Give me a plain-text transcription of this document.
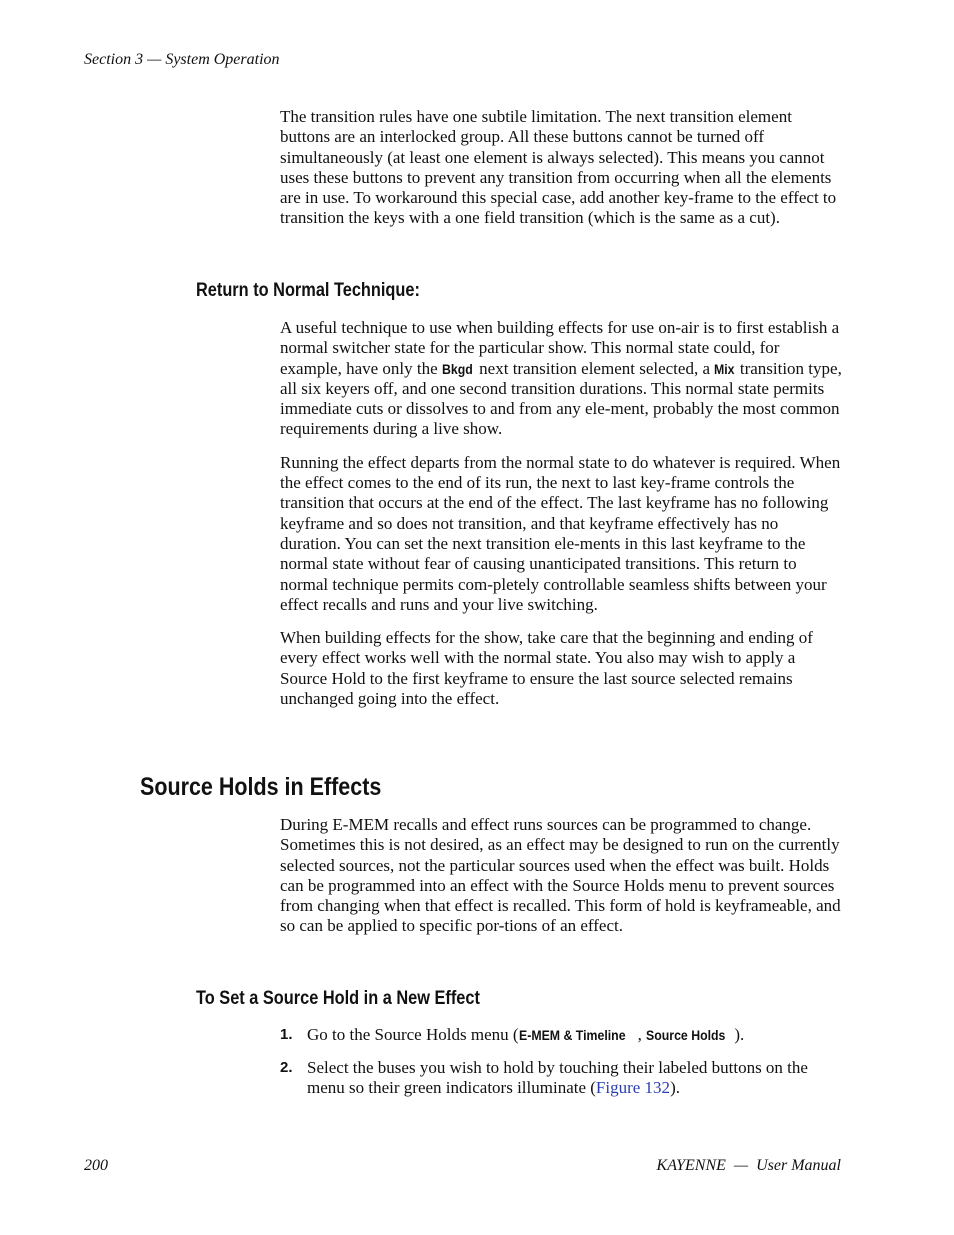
Section 3 — System Operation

The transition rules have one subtile limitation. The next transition element buttons are an interlocked group. All these buttons cannot be turned off simultaneously (at least one element is always selected). This means you cannot uses these buttons to prevent any transition from occurring when all the elements are in use. To workaround this special case, add another key-frame to the effect to transition the keys with a one field transition (which is the same as a cut).

Return to Normal Technique:

A useful technique to use when building effects for use on-air is to first establish a normal switcher state for the particular show. This normal state could, for example, have only the Bkgd next transition element selected, a Mix transition type, all six keyers off, and one second transition durations. This normal state permits immediate cuts or dissolves to and from any ele-ment, probably the most common requirements during a live show.

Running the effect departs from the normal state to do whatever is required. When the effect comes to the end of its run, the next to last key-frame controls the transition that occurs at the end of the effect. The last keyframe has no following keyframe and so does not transition, and that keyframe effectively has no duration. You can set the next transition ele-ments in this last keyframe to the normal state without fear of causing unanticipated transitions. This return to normal technique permits com-pletely controllable seamless shifts between your effect recalls and runs and your live switching.

When building effects for the show, take care that the beginning and ending of every effect works well with the normal state. You also may wish to apply a Source Hold to the first keyframe to ensure the last source selected remains unchanged going into the effect.

Source Holds in Effects

During E-MEM recalls and effect runs sources can be programmed to change. Sometimes this is not desired, as an effect may be designed to run on the currently selected sources, not the particular sources used when the effect was built. Holds can be programmed into an effect with the Source Holds menu to prevent sources from changing when that effect is recalled. This form of hold is keyframeable, and so can be applied to specific por-tions of an effect.

To Set a Source Hold in a New Effect
1. Go to the Source Holds menu (E-MEM & Timeline , Source Holds ).
2. Select the buses you wish to hold by touching their labeled buttons on the menu so their green indicators illuminate (Figure 132).
200	KAYENNE  —  User Manual
